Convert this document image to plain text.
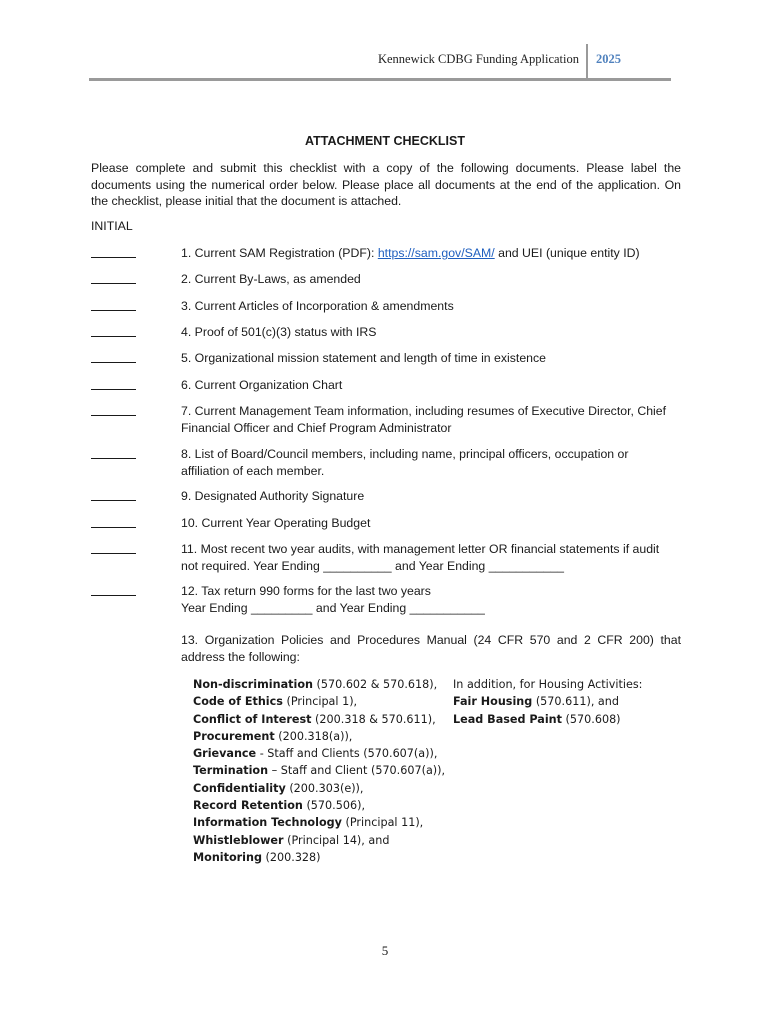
Kennewick CDBG Funding Application 2025
ATTACHMENT CHECKLIST

Please complete and submit this checklist with a copy of the following documents. Please label the documents using the numerical order below. Please place all documents at the end of the application. On the checklist, please initial that the document is attached.

INITIAL
1. Current SAM Registration (PDF): https://sam.gov/SAM/ and UEI (unique entity ID)
2. Current By-Laws, as amended
3. Current Articles of Incorporation & amendments
4. Proof of 501(c)(3) status with IRS
5. Organizational mission statement and length of time in existence
6. Current Organization Chart
7. Current Management Team information, including resumes of Executive Director, Chief
Financial Officer and Chief Program Administrator
8. List of Board/Council members, including name, principal officers, occupation or
affiliation of each member.
9. Designated Authority Signature
10. Current Year Operating Budget
11. Most recent two year audits, with management letter OR financial statements if audit
not required. Year Ending __________ and Year Ending ___________
12. Tax return 990 forms for the last two years
Year Ending _________ and Year Ending ___________
13. Organization Policies and Procedures Manual (24 CFR 570 and 2 CFR 200) that address the following:
Non-discrimination (570.602 & 570.618),
Code of Ethics (Principal 1),
Conflict of Interest (200.318 & 570.611),
Procurement (200.318(a)),
Grievance - Staff and Clients (570.607(a)),
Termination – Staff and Client (570.607(a)),
Confidentiality (200.303(e)),
Record Retention (570.506),
Information Technology (Principal 11),
Whistleblower (Principal 14), and
Monitoring (200.328)
In addition, for Housing Activities:
Fair Housing (570.611), and
Lead Based Paint (570.608)
5
